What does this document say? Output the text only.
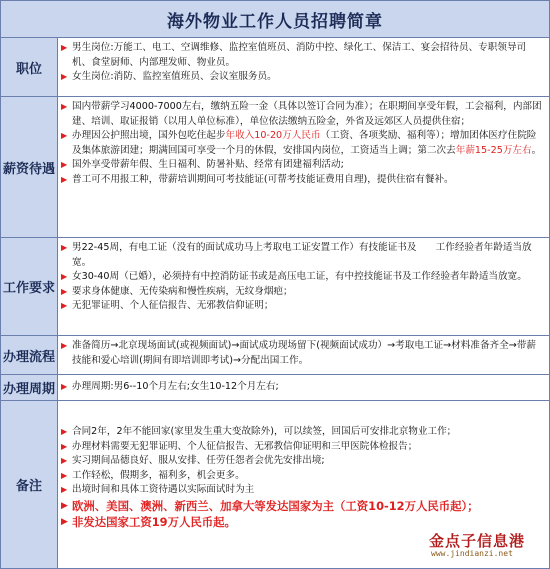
海外物业工作人员招聘简章
职位
▶ 男生岗位:万能工、电工、空调维修、监控室值班员、消防中控、绿化工、保洁工、宴会招待员、专职领导司机、食堂厨师、内部理发师、物业员。
▶ 女生岗位:消防、监控室值班员、会议室服务员。
薪资待遇
▶ 国内带薪学习4000-7000左右，缴纳五险一金（具体以签订合同为准）；在职期间享受年假，工会福利，内部团建、培训、取证报销（以用人单位标准），单位依法缴纳五险金，外省及远郊区人员提供住宿；
▶ 办理因公护照出境，国外包吃住起步年收入10-20万人民币（工资、各项奖励、福利等）；增加团体医疗住院险及集体旅游团建；期满回国可享受一个月的休假，安排国内岗位，工资适当上调；第二次去年薪15-25万左右。
▶ 国外享受带薪年假、生日福利、防暑补贴、经常有团建福利活动;
▶ 普工可不用报工种，带薪培训期间可考技能证(可帮考技能证费用自理)，提供住宿有餐补。
工作要求
▶ 男22-45周，有电工证（没有的面试成功马上考取电工证安置工作）有技能证书及　　工作经验者年龄适当放宽。
▶ 女30-40周（已婚），必须持有中控消防证书或是高压电工证，有中控技能证书及工作经验者年龄适当放宽。
▶ 要求身体健康、无传染病和慢性疾病，无纹身烟疤；
▶ 无犯罪证明、个人征信报告、无邪教信仰证明；
办理流程
▶ 准备简历→北京现场面试(或视频面试)→面试成功现场留下(视频面试成功）→考取电工证→材料准备齐全→带薪技能和爱心培训(期间有即培训即考试)→分配出国工作。
办理周期 ▶ 办理周期:男6--10个月左右;女生10-12个月左右;
备注
▶ 合同2年，2年不能回家(家里发生重大变故除外)，可以续签，回国后可安排北京物业工作；
▶ 办理材料需要无犯罪证明、个人征信报告、无邪教信仰证明和三甲医院体检报告；
▶ 实习期间品德良好、服从安排、任劳任怨者会优先安排出境;
▶ 工作轻松，假期多，福利多，机会更多。
▶ 出境时间和具体工资待遇以实际面试时为主
▶ 欧洲、美国、澳洲、新西兰、加拿大等发达国家为主（工资10-12万人民币起）；
▶ 非发达国家工资19万人民币起。
金点子信息港
www.jindianzi.net
